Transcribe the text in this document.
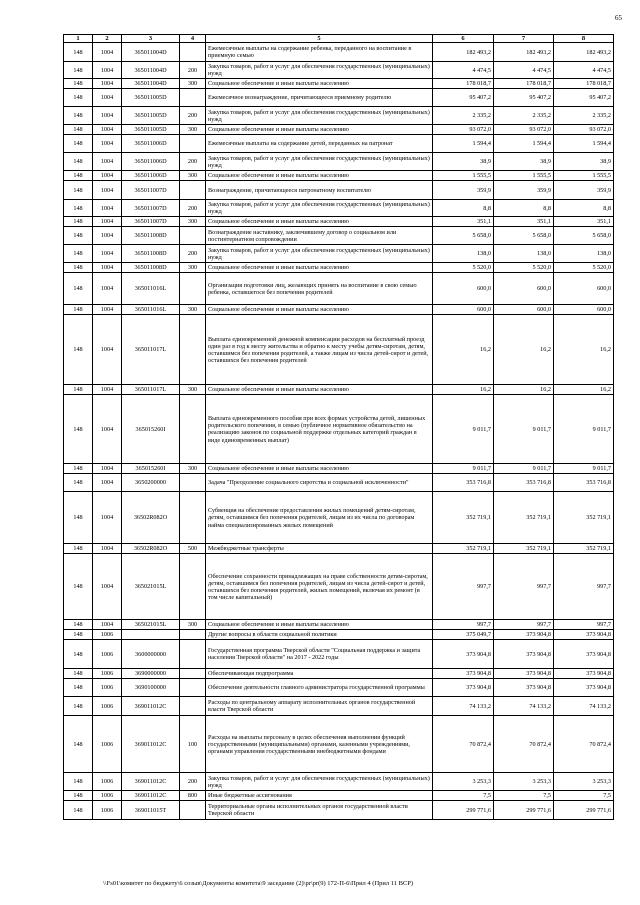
65
1	2	3	4	5	6	7	8
148	1004	365011004D		Ежемесячные выплаты на содержание ребенка, переданного на воспитание в приемную семью	182 493,2	182 493,2	182 493,2
148	1004	365011004D	200	Закупка товаров, работ и услуг для обеспечения государственных (муниципальных) нужд	4 474,5	4 474,5	4 474,5
148	1004	365011004D	300	Социальное обеспечение и иные выплаты населению	178 018,7	178 018,7	178 018,7
148	1004	365011005D		Ежемесячное вознаграждение, причитающееся приемному родителю	95 407,2	95 407,2	95 407,2
148	1004	365011005D	200	Закупка товаров, работ и услуг для обеспечения государственных (муниципальных) нужд	2 335,2	2 335,2	2 335,2
148	1004	365011005D	300	Социальное обеспечение и иные выплаты населению	93 072,0	93 072,0	93 072,0
148	1004	365011006D		Ежемесячные выплаты на содержание детей, переданных на патронат	1 594,4	1 594,4	1 594,4
148	1004	365011006D	200	Закупка товаров, работ и услуг для обеспечения государственных (муниципальных) нужд	38,9	38,9	38,9
148	1004	365011006D	300	Социальное обеспечение и иные выплаты населению	1 555,5	1 555,5	1 555,5
148	1004	365011007D		Вознаграждение, причитающееся патронатному воспитателю	359,9	359,9	359,9
148	1004	365011007D	200	Закупка товаров, работ и услуг для обеспечения государственных (муниципальных) нужд	8,8	8,8	8,8
148	1004	365011007D	300	Социальное обеспечение и иные выплаты населению	351,1	351,1	351,1
148	1004	365011008D		Вознаграждение наставнику, заключившему договор о социальном или постинтернатном сопровождении	5 658,0	5 658,0	5 658,0
148	1004	365011008D	200	Закупка товаров, работ и услуг для обеспечения государственных (муниципальных) нужд	138,0	138,0	138,0
148	1004	365011008D	300	Социальное обеспечение и иные выплаты населению	5 520,0	5 520,0	5 520,0
148	1004	365011016L		Организация подготовки лиц, желающих принять на воспитание в свою семью ребенка, оставшегося без попечения родителей	600,0	600,0	600,0
148	1004	365011016L	300	Социальное обеспечение и иные выплаты населению	600,0	600,0	600,0
148	1004	365011017L		Выплата единовременной денежной компенсации расходов на бесплатный проезд один раз в год к месту жительства и обратно к месту учебы детям-сиротам, детям, оставшимся без попечения родителей, а также лицам из числа детей-сирот и детей, оставшихся без попечения родителей	16,2	16,2	16,2
148	1004	365011017L	300	Социальное обеспечение и иные выплаты населению	16,2	16,2	16,2
148	1004	365015260I		Выплата единовременного пособия при всех формах устройства детей, лишенных родительского попечения, в семью (публичное нормативное обязательство на реализацию законов по социальной поддержке отдельных категорий граждан в виде единовременных выплат)	9 011,7	9 011,7	9 011,7
148	1004	365015260I	300	Социальное обеспечение и иные выплаты населению	9 011,7	9 011,7	9 011,7
148	1004	3650200000		Задача "Преодоление социального сиротства и социальной исключенности"	353 716,8	353 716,8	353 716,8
148	1004	36502R082O		Субвенция на обеспечение предоставления жилых помещений детям-сиротам, детям, оставшимся без попечения родителей, лицам из их числа по договорам найма специализированных жилых помещений	352 719,1	352 719,1	352 719,1
148	1004	36502R082O	500	Межбюджетные трансферты	352 719,1	352 719,1	352 719,1
148	1004	365021015L		Обеспечение сохранности принадлежащих на праве собственности детям-сиротам, детям, оставшимся без попечения родителей, лицам из числа детей-сирот и детей, оставшихся без попечения родителей, жилых помещений, включая их ремонт (в том числе капитальный)	997,7	997,7	997,7
148	1004	365021015L	300	Социальное обеспечение и иные выплаты населению	997,7	997,7	997,7
148	1006			Другие вопросы в области социальной политики	375 049,7	373 904,8	373 904,8
148	1006	3600000000		Государственная программа Тверской области "Социальная поддержка и защита населения Тверской области" на 2017 - 2022 годы	373 904,8	373 904,8	373 904,8
148	1006	3690000000		Обеспечивающая подпрограмма	373 904,8	373 904,8	373 904,8
148	1006	3690100000		Обеспечение деятельности главного администратора государственной программы	373 904,8	373 904,8	373 904,8
148	1006	369011012C		Расходы по центральному аппарату исполнительных органов государственной власти Тверской области	74 133,2	74 133,2	74 133,2
148	1006	369011012C	100	Расходы на выплаты персоналу в целях обеспечения выполнения функций государственными (муниципальными) органами, казенными учреждениями, органами управления государственными внебюджетными фондами	70 872,4	70 872,4	70 872,4
148	1006	369011012C	200	Закупка товаров, работ и услуг для обеспечения государственных (муниципальных) нужд	3 253,3	3 253,3	3 253,3
148	1006	369011012C	800	Иные бюджетные ассигнования	7,5	7,5	7,5
148	1006	369011015T		Территориальные органы исполнительных органов государственной власти Тверской области	299 771,6	299 771,6	299 771,6
\\Fs01\комитет по бюджету\6 созыв\Документы комитета\9 заседание (2)\pr\pr(9) 172-П-6\Прил 4 (Прил 11 ВСР)
